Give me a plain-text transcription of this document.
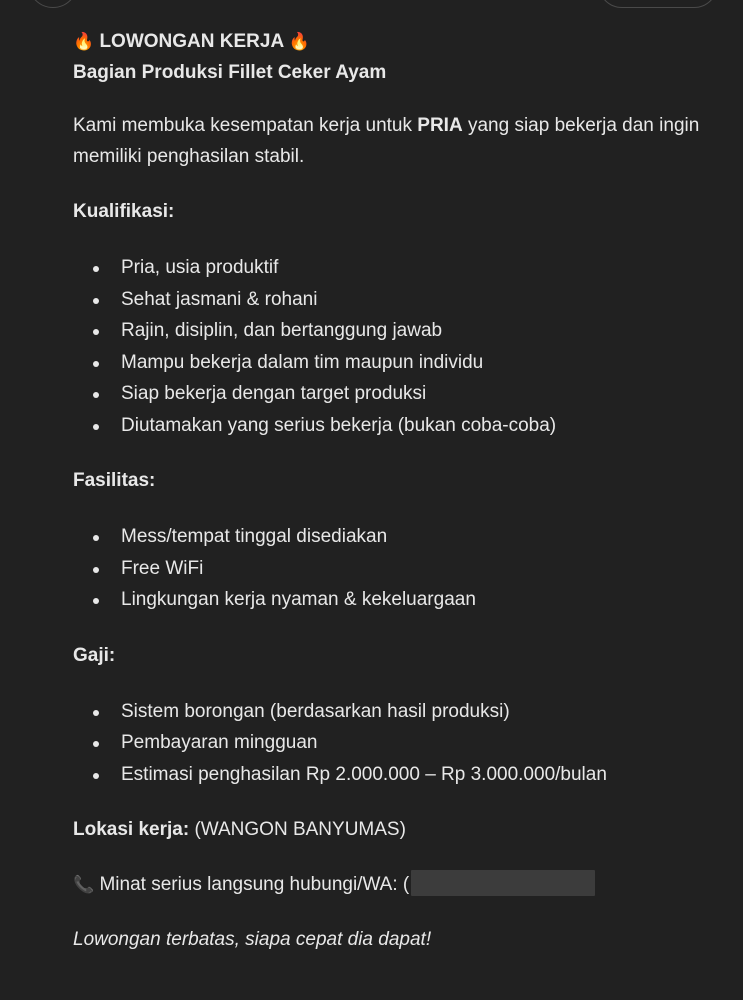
🔥 LOWONGAN KERJA 🔥
Bagian Produksi Fillet Ceker Ayam
Kami membuka kesempatan kerja untuk PRIA yang siap bekerja dan ingin memiliki penghasilan stabil.
Kualifikasi:
Pria, usia produktif
Sehat jasmani & rohani
Rajin, disiplin, dan bertanggung jawab
Mampu bekerja dalam tim maupun individu
Siap bekerja dengan target produksi
Diutamakan yang serius bekerja (bukan coba-coba)
Fasilitas:
Mess/tempat tinggal disediakan
Free WiFi
Lingkungan kerja nyaman & kekeluargaan
Gaji:
Sistem borongan (berdasarkan hasil produksi)
Pembayaran mingguan
Estimasi penghasilan Rp 2.000.000 – Rp 3.000.000/bulan
Lokasi kerja: (WANGON BANYUMAS)
📞 Minat serius langsung hubungi/WA: (
Lowongan terbatas, siapa cepat dia dapat!
